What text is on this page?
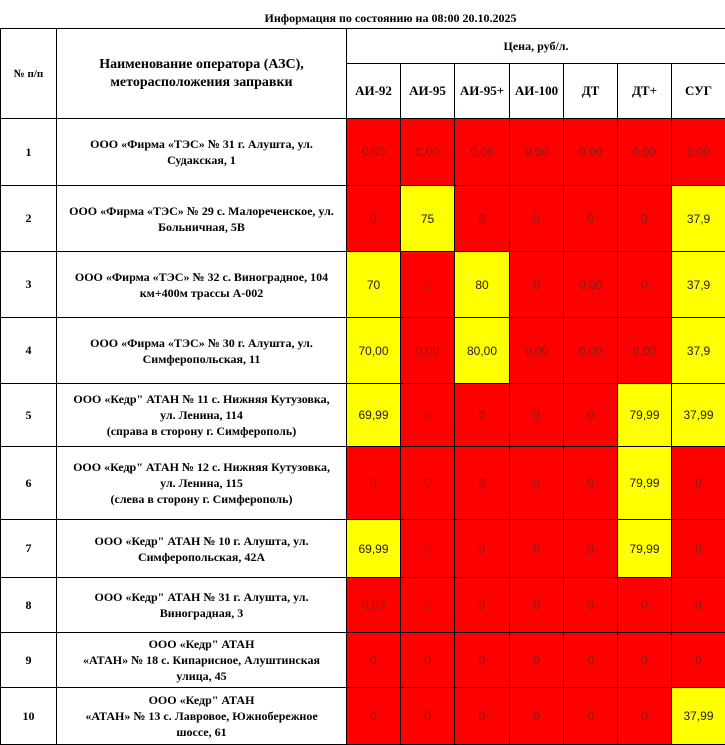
Информация по состоянию на 08:00 20.10.2025
№ п/п	Наименование оператора (АЗС),
меторасположения заправки	Цена, руб/л.						
		АИ-92	АИ-95	АИ-95+	АИ-100	ДТ	ДТ+	СУГ
1	ООО «Фирма «ТЭС» № 31 г. Алушта, ул.
Судакская, 1	0,00	0,00	0,00	0,00	0,00	0,00	0,00
2	ООО «Фирма «ТЭС» № 29 с. Малореченское, ул.
Больничная, 5В	0	75	0	0	0	0	37,9
3	ООО «Фирма «ТЭС» № 32 с. Виноградное, 104
км+400м трассы А-002	70	0	80	0	0,00	0	37,9
4	ООО «Фирма «ТЭС» № 30 г. Алушта, ул.
Симферопольская, 11	70,00	0,00	80,00	0,00	0,00	0,00	37,9
5	ООО «Кедр" АТАН № 11 с. Нижняя Кутузовка,
ул. Ленина, 114
(справа в сторону г. Симферополь)	69,99	0	0	0	0	79,99	37,99
6	ООО «Кедр" АТАН № 12 с. Нижняя Кутузовка,
ул. Ленина, 115
(слева в сторону г. Симферополь)	0	0	0	0	0	79,99	0
7	ООО «Кедр" АТАН № 10 г. Алушта, ул.
Симферопольская, 42А	69,99	0	0	0	0	79,99	0
8	ООО «Кедр" АТАН № 31 г. Алушта, ул.
Виноградная, 3	0,00	0	0	0	0	0	0
9	ООО «Кедр" АТАН
«АТАН» № 18 с. Кипарисное, Алуштинская
улица, 45	0	0	0	0	0	0	0
10	ООО «Кедр" АТАН
«АТАН» № 13 с. Лавровое, Южнобережное
шоссе, 61	0	0	0	0	0	0	37,99
